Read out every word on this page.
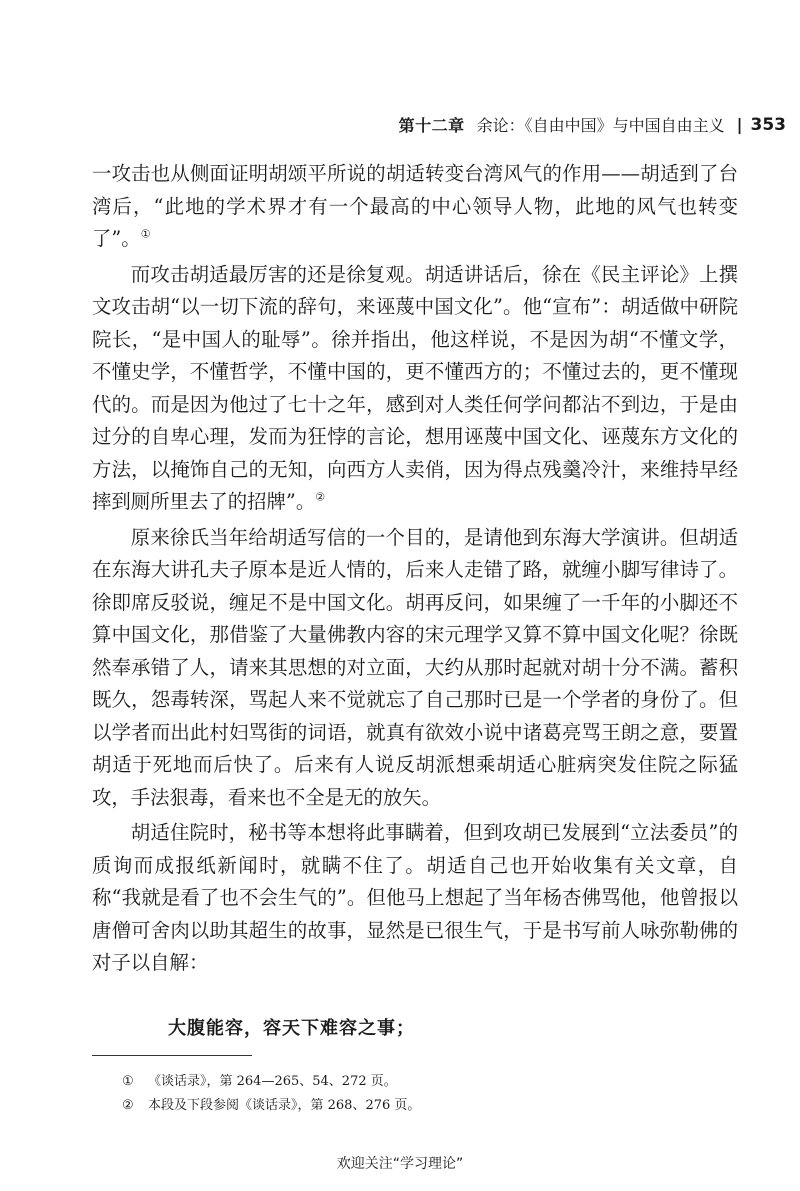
第十二章 余论：《自由中国》与中国自由主义 | 353

一攻击也从侧面证明胡颂平所说的胡适转变台湾风气的作用——胡适到了台湾后，“此地的学术界才有一个最高的中心领导人物，此地的风气也转变了”。①

而攻击胡适最厉害的还是徐复观。胡适讲话后，徐在《民主评论》上撰文攻击胡“以一切下流的辞句，来诬蔑中国文化”。他“宣布”：胡适做中研院院长，“是中国人的耻辱”。徐并指出，他这样说，不是因为胡“不懂文学，不懂史学，不懂哲学，不懂中国的，更不懂西方的；不懂过去的，更不懂现代的。而是因为他过了七十之年，感到对人类任何学问都沾不到边，于是由过分的自卑心理，发而为狂悖的言论，想用诬蔑中国文化、诬蔑东方文化的方法，以掩饰自己的无知，向西方人卖俏，因为得点残羹冷汁，来维持早经摔到厕所里去了的招牌”。②

原来徐氏当年给胡适写信的一个目的，是请他到东海大学演讲。但胡适在东海大讲孔夫子原本是近人情的，后来人走错了路，就缠小脚写律诗了。徐即席反驳说，缠足不是中国文化。胡再反问，如果缠了一千年的小脚还不算中国文化，那借鉴了大量佛教内容的宋元理学又算不算中国文化呢？徐既然奉承错了人，请来其思想的对立面，大约从那时起就对胡十分不满。蓄积既久，怨毒转深，骂起人来不觉就忘了自己那时已是一个学者的身份了。但以学者而出此村妇骂街的词语，就真有欲效小说中诸葛亮骂王朗之意，要置胡适于死地而后快了。后来有人说反胡派想乘胡适心脏病突发住院之际猛攻，手法狠毒，看来也不全是无的放矢。

胡适住院时，秘书等本想将此事瞒着，但到攻胡已发展到“立法委员”的质询而成报纸新闻时，就瞒不住了。胡适自己也开始收集有关文章，自称“我就是看了也不会生气的”。但他马上想起了当年杨杏佛骂他，他曾报以唐僧可舍肉以助其超生的故事，显然是已很生气，于是书写前人咏弥勒佛的对子以自解：

大腹能容，容天下难容之事；
①	《谈话录》，第 264—265、54、272 页。
②	本段及下段参阅《谈话录》，第 268、276 页。
欢迎关注“学习理论”
